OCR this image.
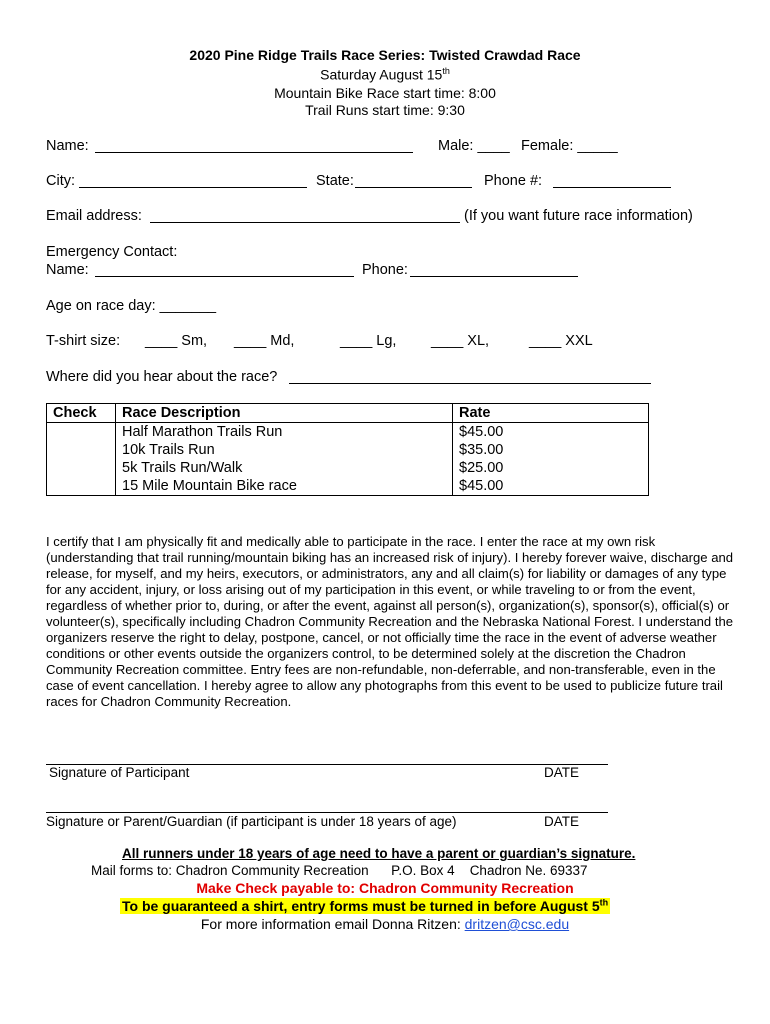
2020 Pine Ridge Trails Race Series: Twisted Crawdad Race
Saturday August 15th
Mountain Bike Race start time: 8:00
Trail Runs start time: 9:30
Name:	Male: ____ Female: _____
City:	State:	Phone #:
Email address:	(If you want future race information)
Emergency Contact:
Name:	Phone:
Age on race day: _______
T-shirt size: ____ Sm, ____ Md,	____ Lg, ____ XL,	____ XXL
Where did you hear about the race?
Check	Race Description	Rate
	Half Marathon Trails Run	$45.00
	10k Trails Run	$35.00
	5k Trails Run/Walk	$25.00
	15 Mile Mountain Bike race	$45.00
I certify that I am physically fit and medically able to participate in the race. I enter the race at my own risk (understanding that trail running/mountain biking has an increased risk of injury). I hereby forever waive, discharge and release, for myself, and my heirs, executors, or administrators, any and all claim(s) for liability or damages of any type for any accident, injury, or loss arising out of my participation in this event, or while traveling to or from the event, regardless of whether prior to, during, or after the event, against all person(s), organization(s), sponsor(s), official(s) or volunteer(s), specifically including Chadron Community Recreation and the Nebraska National Forest. I understand the organizers reserve the right to delay, postpone, cancel, or not officially time the race in the event of adverse weather conditions or other events outside the organizers control, to be determined solely at the discretion the Chadron Community Recreation committee. Entry fees are non-refundable, non-deferrable, and non-transferable, even in the case of event cancellation. I hereby agree to allow any photographs from this event to be used to publicize future trail races for Chadron Community Recreation.
Signature of Participant	DATE
Signature or Parent/Guardian (if participant is under 18 years of age)	DATE
All runners under 18 years of age need to have a parent or guardian’s signature.
Mail forms to: Chadron Community Recreation P.O. Box 4 Chadron Ne. 69337
Make Check payable to: Chadron Community Recreation
To be guaranteed a shirt, entry forms must be turned in before August 5th
For more information email Donna Ritzen: dritzen@csc.edu
